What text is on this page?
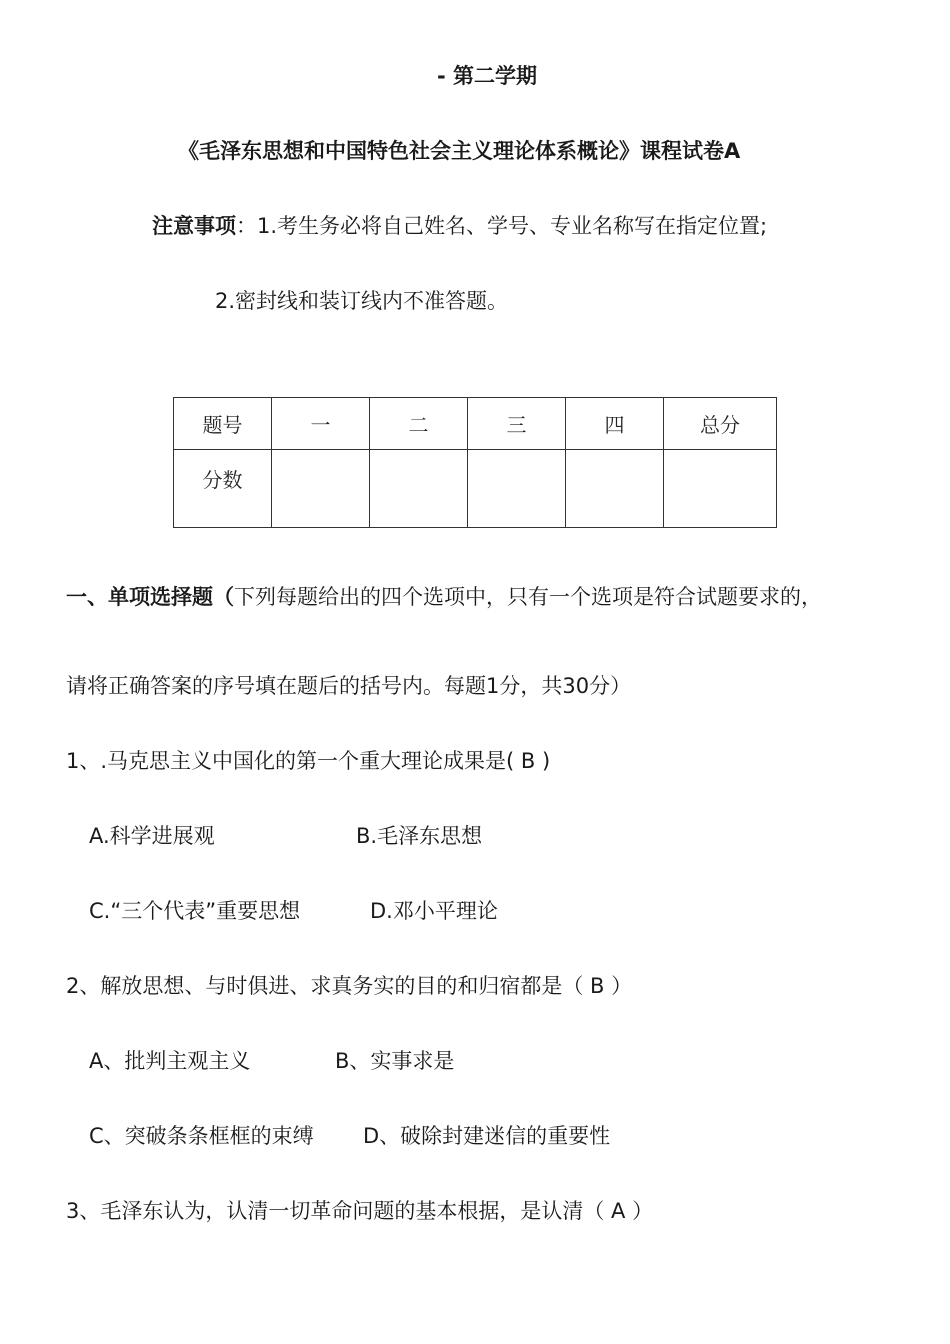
- 第二学期
《毛泽东思想和中国特色社会主义理论体系概论》课程试卷A
注意事项：1.考生务必将自己姓名、学号、专业名称写在指定位置;
2.密封线和装订线内不准答题。
题号	一	二	三	四	总分
分数					
一、单项选择题（下列每题给出的四个选项中，只有一个选项是符合试题要求的，
请将正确答案的序号填在题后的括号内。每题1分，共30分）
1、.马克思主义中国化的第一个重大理论成果是( B )
A.科学进展观	B.毛泽东思想
C.“三个代表”重要思想	D.邓小平理论
2、解放思想、与时俱进、求真务实的目的和归宿都是（ B ）
A、批判主观主义	B、实事求是
C、突破条条框框的束缚 D、破除封建迷信的重要性
3、毛泽东认为，认清一切革命问题的基本根据，是认清（ A ）
